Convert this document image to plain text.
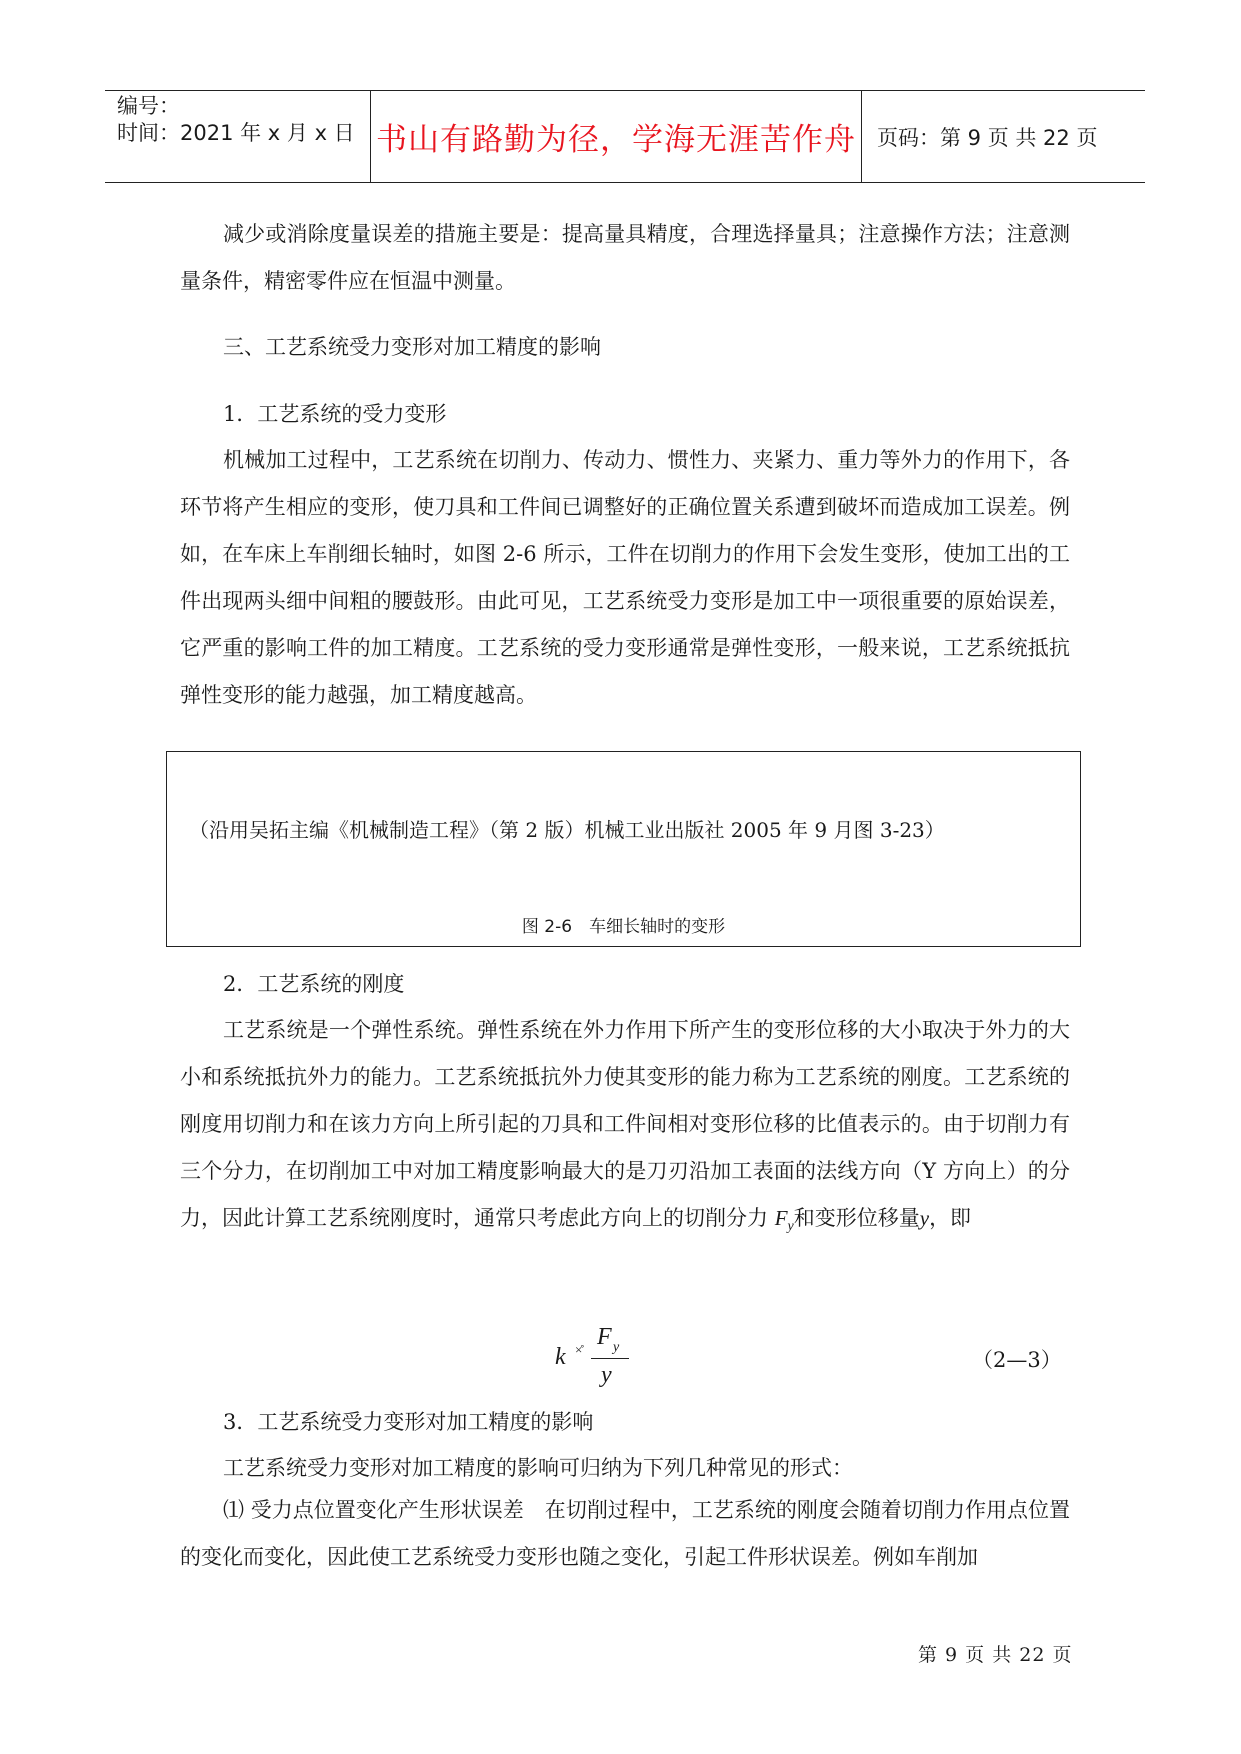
编号：
时间：2021 年 x 月 x 日 书山有路勤为径，学海无涯苦作舟 页码：第 9 页 共 22 页
减少或消除度量误差的措施主要是：提高量具精度，合理选择量具；注意操作方法；注意测量条件，精密零件应在恒温中测量。
三、工艺系统受力变形对加工精度的影响
1．工艺系统的受力变形
机械加工过程中，工艺系统在切削力、传动力、惯性力、夹紧力、重力等外力的作用下，各环节将产生相应的变形，使刀具和工件间已调整好的正确位置关系遭到破坏而造成加工误差。例如，在车床上车削细长轴时，如图 2-6 所示，工件在切削力的作用下会发生变形，使加工出的工件出现两头细中间粗的腰鼓形。由此可见，工艺系统受力变形是加工中一项很重要的原始误差，它严重的影响工件的加工精度。工艺系统的受力变形通常是弹性变形，一般来说，工艺系统抵抗弹性变形的能力越强，加工精度越高。
（沿用吴拓主编《机械制造工程》（第 2 版）机械工业出版社 2005 年 9 月图 3-23）
图 2-6　车细长轴时的变形
2．工艺系统的刚度
工艺系统是一个弹性系统。弹性系统在外力作用下所产生的变形位移的大小取决于外力的大小和系统抵抗外力的能力。工艺系统抵抗外力使其变形的能力称为工艺系统的刚度。工艺系统的刚度用切削力和在该力方向上所引起的刀具和工件间相对变形位移的比值表示的。由于切削力有三个分力，在切削加工中对加工精度影响最大的是刀刃沿加工表面的法线方向（Y 方向上）的分力，因此计算工艺系统刚度时，通常只考虑此方向上的切削分力 $F_y$和变形位移量y，即
k ×̊ F y
y
（2—3）
3．工艺系统受力变形对加工精度的影响
工艺系统受力变形对加工精度的影响可归纳为下列几种常见的形式：
⑴ 受力点位置变化产生形状误差　在切削过程中，工艺系统的刚度会随着切削力作用点位置的变化而变化，因此使工艺系统受力变形也随之变化，引起工件形状误差。例如车削加
第 9 页 共 22 页
